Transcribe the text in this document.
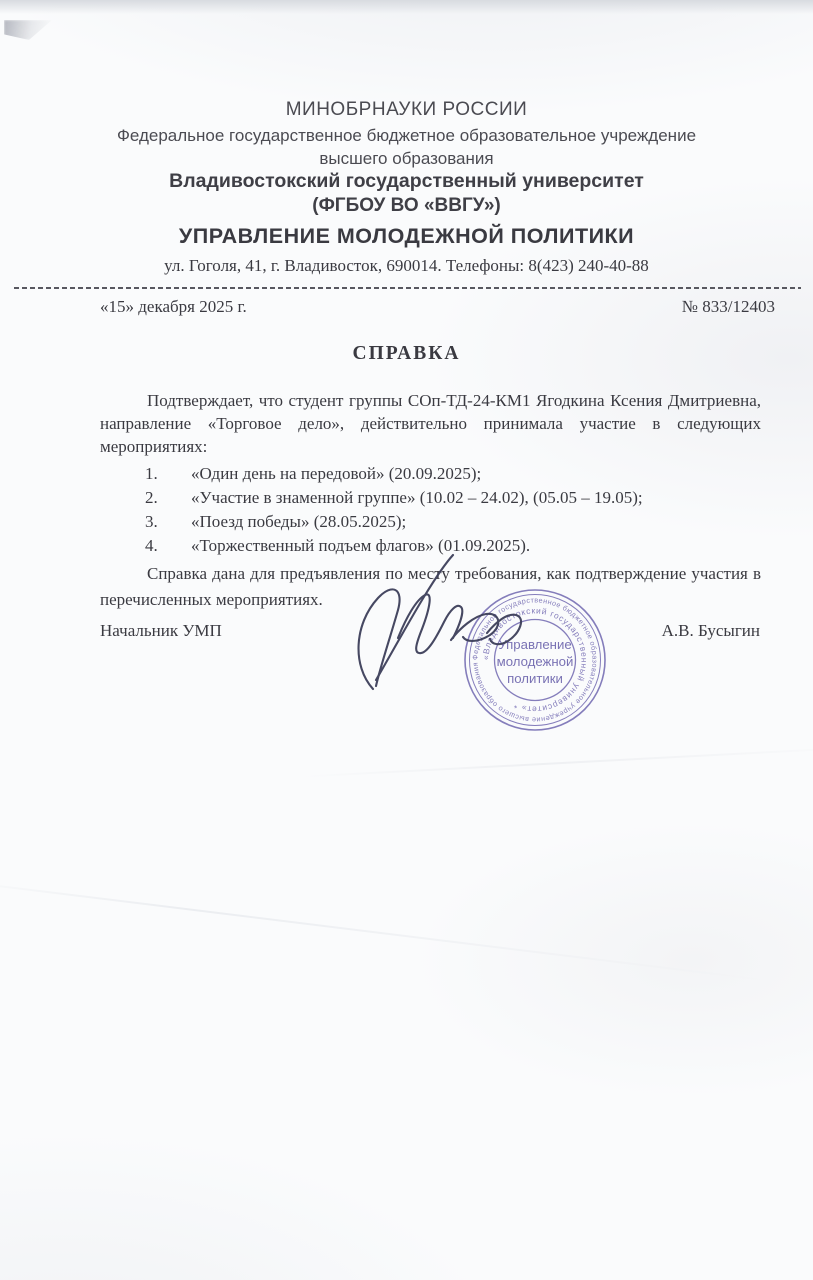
МИНОБРНАУКИ РОССИИ
Федеральное государственное бюджетное образовательное учреждение
высшего образования
Владивостокский государственный университет
(ФГБОУ ВО «ВВГУ»)
УПРАВЛЕНИЕ МОЛОДЕЖНОЙ ПОЛИТИКИ
ул. Гоголя, 41, г. Владивосток, 690014. Телефоны: 8(423) 240-40-88
«15» декабря 2025 г.	№ 833/12403
СПРАВКА

Подтверждает, что студент группы СОп-ТД-24-КМ1 Ягодкина Ксения Дмитриевна, направление «Торговое дело», действительно принимала участие в следующих мероприятиях:

1.	«Один день на передовой» (20.09.2025);
2.	«Участие в знаменной группе» (10.02 – 24.02), (05.05 – 19.05);
3.	«Поезд победы» (28.05.2025);
4.	«Торжественный подъем флагов» (01.09.2025).

Справка дана для предъявления по месту требования, как подтверждение участия в перечисленных мероприятиях.

Начальник УМП	А.В. Бусыгин
Федеральное государственное бюджетное образовательное учреждение высшего образования
«Владивостокский государственный университет» *
Управление
молодежной
политики
